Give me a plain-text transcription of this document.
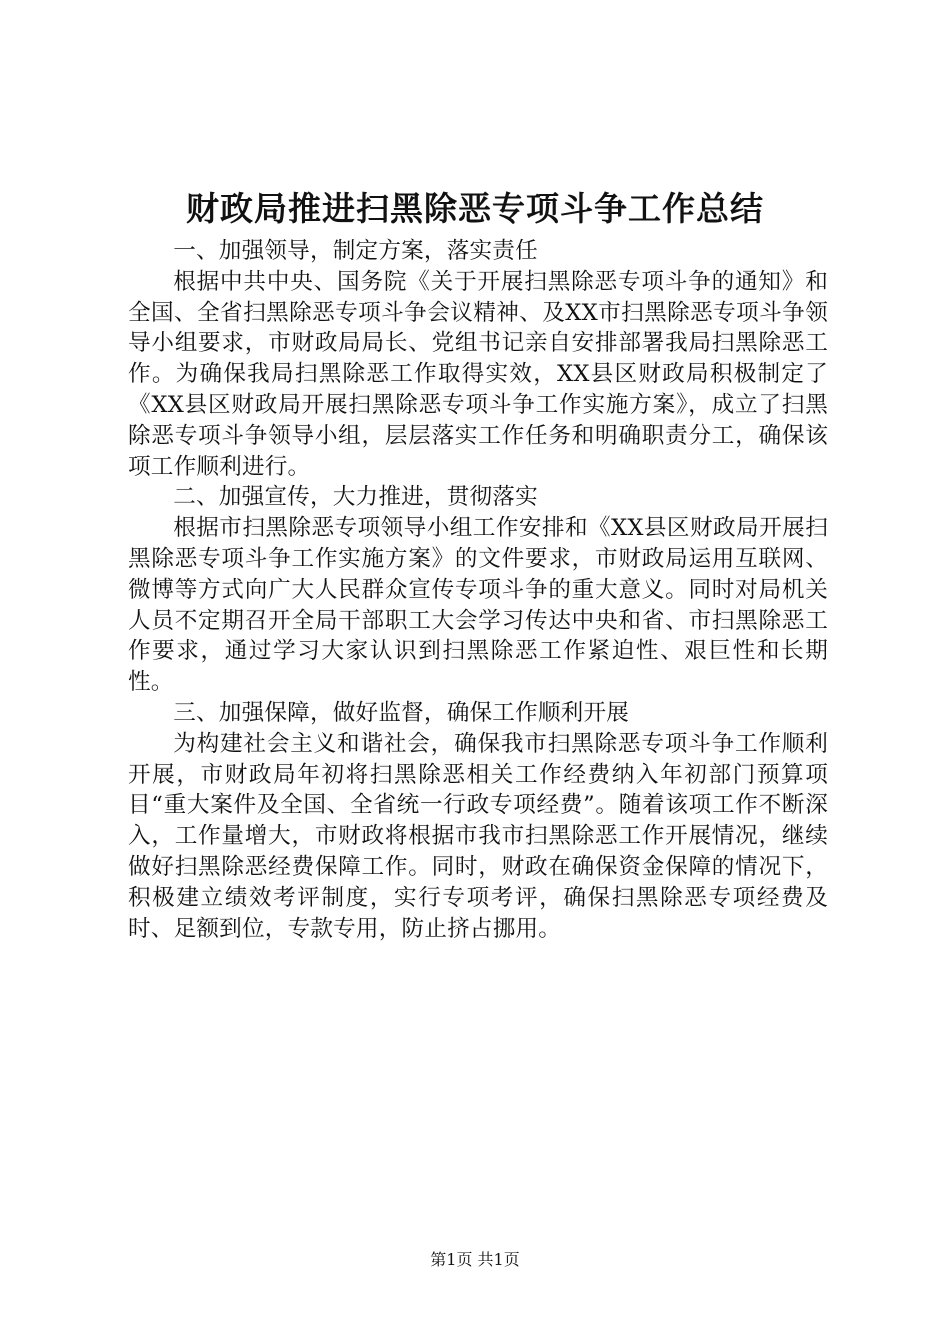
财政局推进扫黑除恶专项斗争工作总结

一、加强领导，制定方案，落实责任

根据中共中央、国务院《关于开展扫黑除恶专项斗争的通知》和全国、全省扫黑除恶专项斗争会议精神、及XX市扫黑除恶专项斗争领导小组要求，市财政局局长、党组书记亲自安排部署我局扫黑除恶工作。为确保我局扫黑除恶工作取得实效，XX县区财政局积极制定了《XX县区财政局开展扫黑除恶专项斗争工作实施方案》，成立了扫黑除恶专项斗争领导小组，层层落实工作任务和明确职责分工，确保该项工作顺利进行。

二、加强宣传，大力推进，贯彻落实

根据市扫黑除恶专项领导小组工作安排和《XX县区财政局开展扫黑除恶专项斗争工作实施方案》的文件要求，市财政局运用互联网、微博等方式向广大人民群众宣传专项斗争的重大意义。同时对局机关人员不定期召开全局干部职工大会学习传达中央和省、市扫黑除恶工作要求，通过学习大家认识到扫黑除恶工作紧迫性、艰巨性和长期性。

三、加强保障，做好监督，确保工作顺利开展

为构建社会主义和谐社会，确保我市扫黑除恶专项斗争工作顺利开展，市财政局年初将扫黑除恶相关工作经费纳入年初部门预算项目“重大案件及全国、全省统一行政专项经费”。随着该项工作不断深入，工作量增大，市财政将根据市我市扫黑除恶工作开展情况，继续做好扫黑除恶经费保障工作。同时，财政在确保资金保障的情况下，积极建立绩效考评制度，实行专项考评，确保扫黑除恶专项经费及时、足额到位，专款专用，防止挤占挪用。

第1页 共1页
